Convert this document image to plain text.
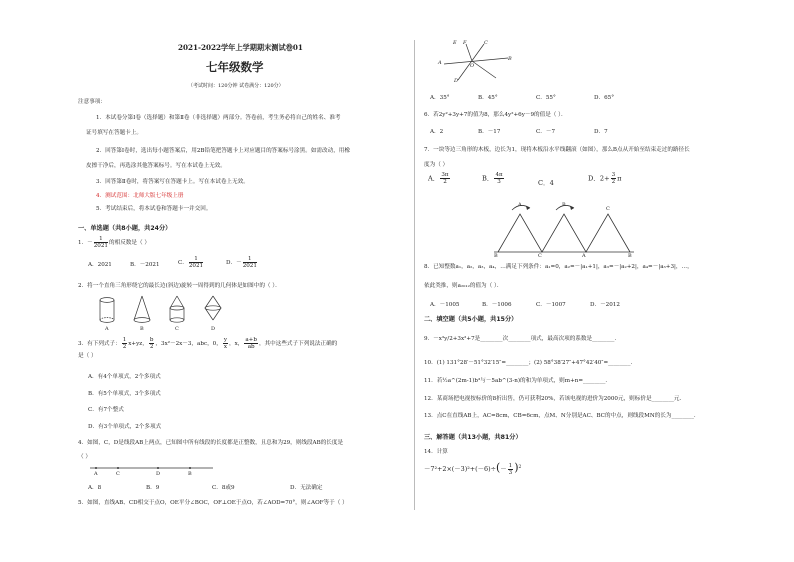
2021-2022学年上学期期末测试卷01
七年级数学
（考试时间：120分钟 试卷满分：120分）
注意事项：
1．本试卷分第Ⅰ卷（选择题）和第Ⅱ卷（非选择题）两部分。答卷前，考生务必将自己的姓名、准考
证号填写在答题卡上。
2．回答第Ⅰ卷时，选出每小题答案后，用2B铅笔把答题卡上对应题目的答案标号涂黑。如需改动，用橡
皮擦干净后，再选涂其他答案标号。写在本试卷上无效。
3．回答第Ⅱ卷时，将答案写在答题卡上。写在本试卷上无效。
4．测试范围：北师大版七年级上册
5．考试结束后，将本试卷和答题卡一并交回。
一、单选题（共8小题，共24分）
1．－ $\frac{1}{2021}$ 的相反数是（ ）
A．2021	B．－2021	C． $\frac{1}{2021}$	D．－ $\frac{1}{2021}$
2．将一个直角三角形绕它的最长边(斜边)旋转一周得到的几何体是如图中的（ ）．
A	B	C	D
3．有下列式子： $\frac{1}{2} x+yz$， $\frac{b}{2}$ ，3x²－2x－3，abc，0， $\frac{y}{x}$ ，x， $\frac{a+b}{ab}$ ，其中这些式子下列说法正确的
是（ ）
A．有4个单项式，2个多项式
B．有5个单项式，3个多项式
C．有7个整式
D．有3个单项式，2个多项式
4．如图，C，D是线段AB上两点，已知图中所有线段的长度都是正整数，且总和为29，则线段AB的长度是
（ ）
A	C	D	B
A．8	B．9	C．8或9	D．无法确定
5．如图，直线AB、CD相交于点O，OE平分∠BOC，OF⊥OE于点O，若∠AOD=70°，则∠AOF等于（ ）
E F	C
A	O
B
D
A．35°	B．45°	C．55°	D．65°
6．若2y²+3y+7的值为8，那么4y²+6y－9的值是（ ）．
A．2	B．－17	C．－7	D．7
7．一块等边三角形的木板，边长为1，现将木板沿水平线翻滚（如图），那么B点从开始至结束走过的路径长
度为（ ）
A． $\frac{3\pi}{2}$	B． $\frac{4\pi}{3}$	C．4
D．$2+ \frac{3}{2}$ π
A
B	C
B
A
C
B
8．已知整数a₁，a₂，a₃，a₄，…满足下列条件：a₁=0，a₂=－|a₁+1|，a₃=－|a₂+2|，a₄=－|a₃+3|，…，
依此类推，则a₂₀₁₂的值为（ ）．
A．－1005	B．－1006	C．－1007	D．－2012
二、填空题（共5小题，共15分）
9．－x³y/2+3x²+7是________次________项式，最高次项的系数是________．
10．(1) 131°28′－51°32′15″=________；(2) 58°38′27″+47°42′40″=________．
11．若½a^(2m-1)b³与－5ab^(3-n)的和为单项式，则m+n=________．
12．某商场把电视按标价的8折出售，仍可获利20%，若该电视的进价为2000元，则标价是________元．
13．点C在直线AB上，AC=8cm，CB=6cm，点M、N分别是AC、BC的中点，则线段MN的长为________．
三、解答题（共13小题，共81分）
14．计算
$-7^2+2\times(-3)^2+(-6)\div(- \frac{1}{3} )^2$
